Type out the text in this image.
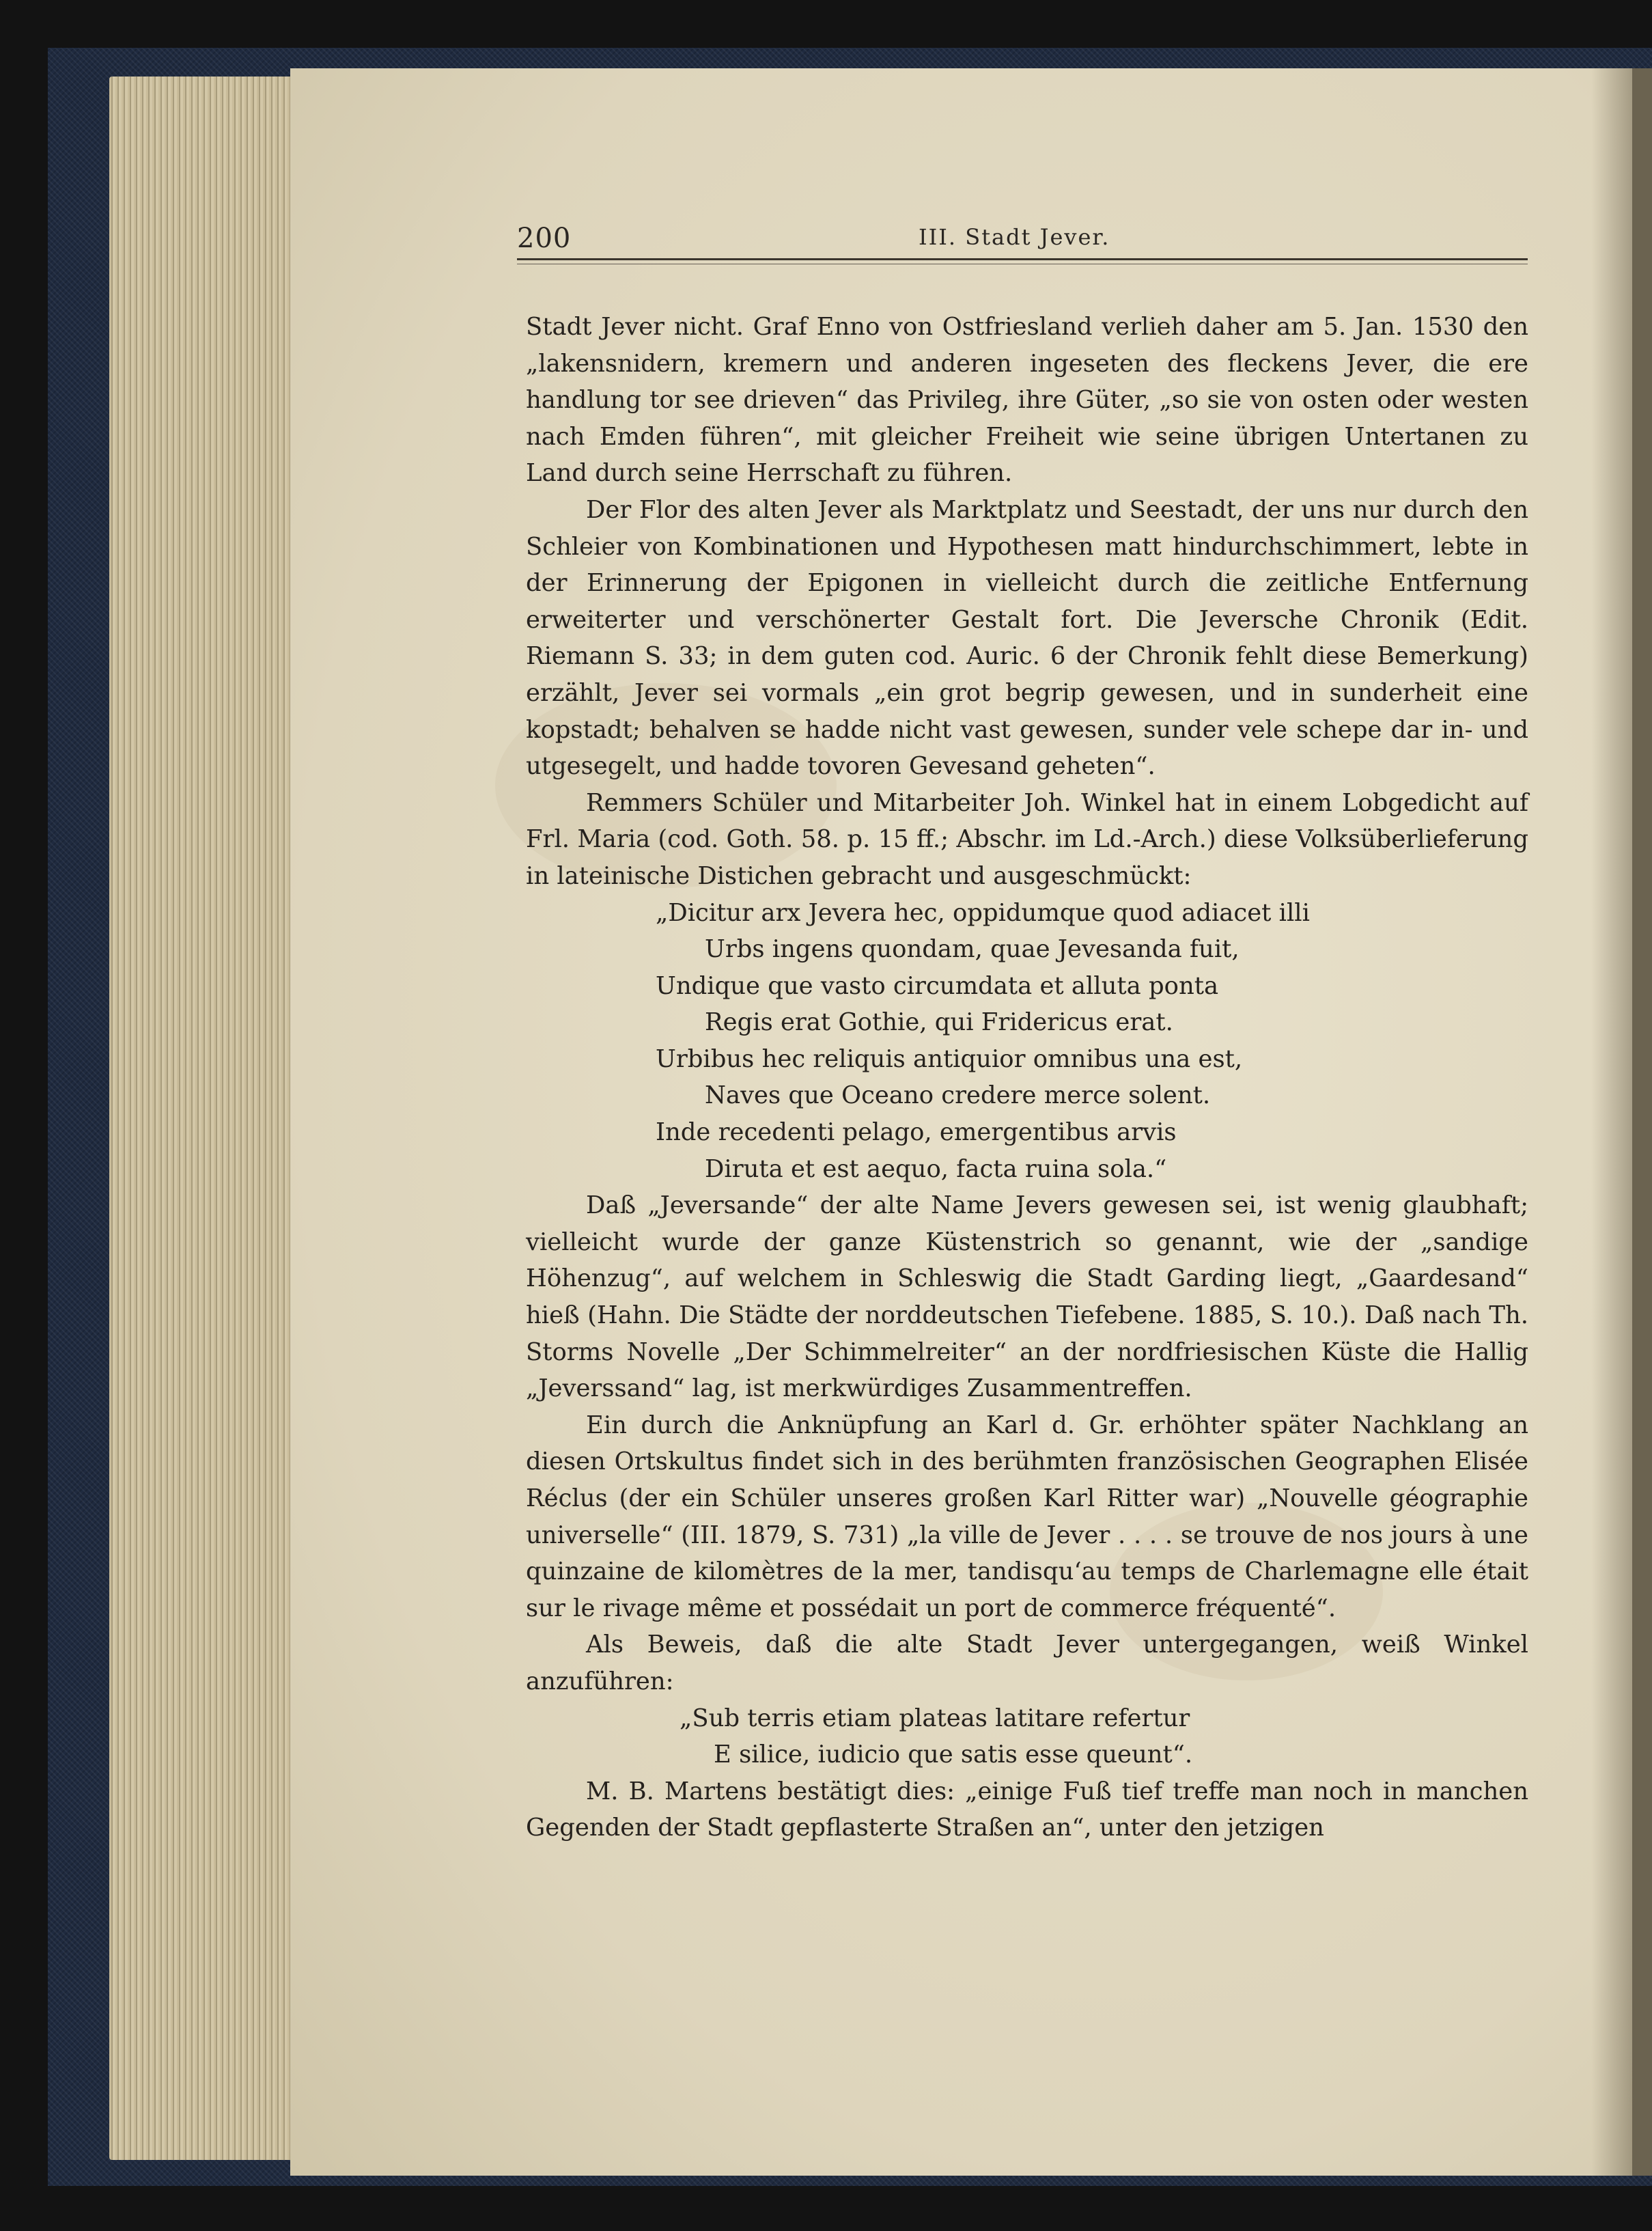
200	III. Stadt Jever.

Stadt Jever nicht. Graf Enno von Ostfriesland verlieh daher am 5. Jan. 1530 den „lakensnidern, kremern und anderen ingeseten des fleckens Jever, die ere handlung tor see drieven“ das Privileg, ihre Güter, „so sie von osten oder westen nach Emden führen“, mit gleicher Freiheit wie seine übrigen Untertanen zu Land durch seine Herrschaft zu führen.

Der Flor des alten Jever als Marktplatz und Seestadt, der uns nur durch den Schleier von Kombinationen und Hypothesen matt hindurchschimmert, lebte in der Erinnerung der Epigonen in vielleicht durch die zeitliche Entfernung erweiterter und verschönerter Gestalt fort. Die Jeversche Chronik (Edit. Riemann S. 33; in dem guten cod. Auric. 6 der Chronik fehlt diese Bemerkung) erzählt, Jever sei vormals „ein grot begrip gewesen, und in sunderheit eine kopstadt; behalven se hadde nicht vast gewesen, sunder vele schepe dar in- und utgesegelt, und hadde tovoren Gevesand geheten“.

Remmers Schüler und Mitarbeiter Joh. Winkel hat in einem Lobgedicht auf Frl. Maria (cod. Goth. 58. p. 15 ff.; Abschr. im Ld.-Arch.) diese Volksüberlieferung in lateinische Distichen gebracht und ausgeschmückt:

„Dicitur arx Jevera hec, oppidumque quod adiacet illi
Urbs ingens quondam, quae Jevesanda fuit,
Undique que vasto circumdata et alluta ponta
Regis erat Gothie, qui Fridericus erat.
Urbibus hec reliquis antiquior omnibus una est,
Naves que Oceano credere merce solent.
Inde recedenti pelago, emergentibus arvis
Diruta et est aequo, facta ruina sola.“

Daß „Jeversande“ der alte Name Jevers gewesen sei, ist wenig glaubhaft; vielleicht wurde der ganze Küstenstrich so genannt, wie der „sandige Höhenzug“, auf welchem in Schleswig die Stadt Garding liegt, „Gaardesand“ hieß (Hahn. Die Städte der norddeutschen Tiefebene. 1885, S. 10.). Daß nach Th. Storms Novelle „Der Schimmelreiter“ an der nordfriesischen Küste die Hallig „Jeverssand“ lag, ist merkwürdiges Zusammentreffen.

Ein durch die Anknüpfung an Karl d. Gr. erhöhter später Nachklang an diesen Ortskultus findet sich in des berühmten französischen Geographen Elisée Réclus (der ein Schüler unseres großen Karl Ritter war) „Nouvelle géographie universelle“ (III. 1879, S. 731) „la ville de Jever . . . . se trouve de nos jours à une quinzaine de kilomètres de la mer, tandisqu‘au temps de Charlemagne elle était sur le rivage même et possédait un port de commerce fréquenté“.

Als Beweis, daß die alte Stadt Jever untergegangen, weiß Winkel anzuführen:

„Sub terris etiam plateas latitare refertur
E silice, iudicio que satis esse queunt“.

M. B. Martens bestätigt dies: „einige Fuß tief treffe man noch in manchen Gegenden der Stadt gepflasterte Straßen an“, unter den jetzigen
